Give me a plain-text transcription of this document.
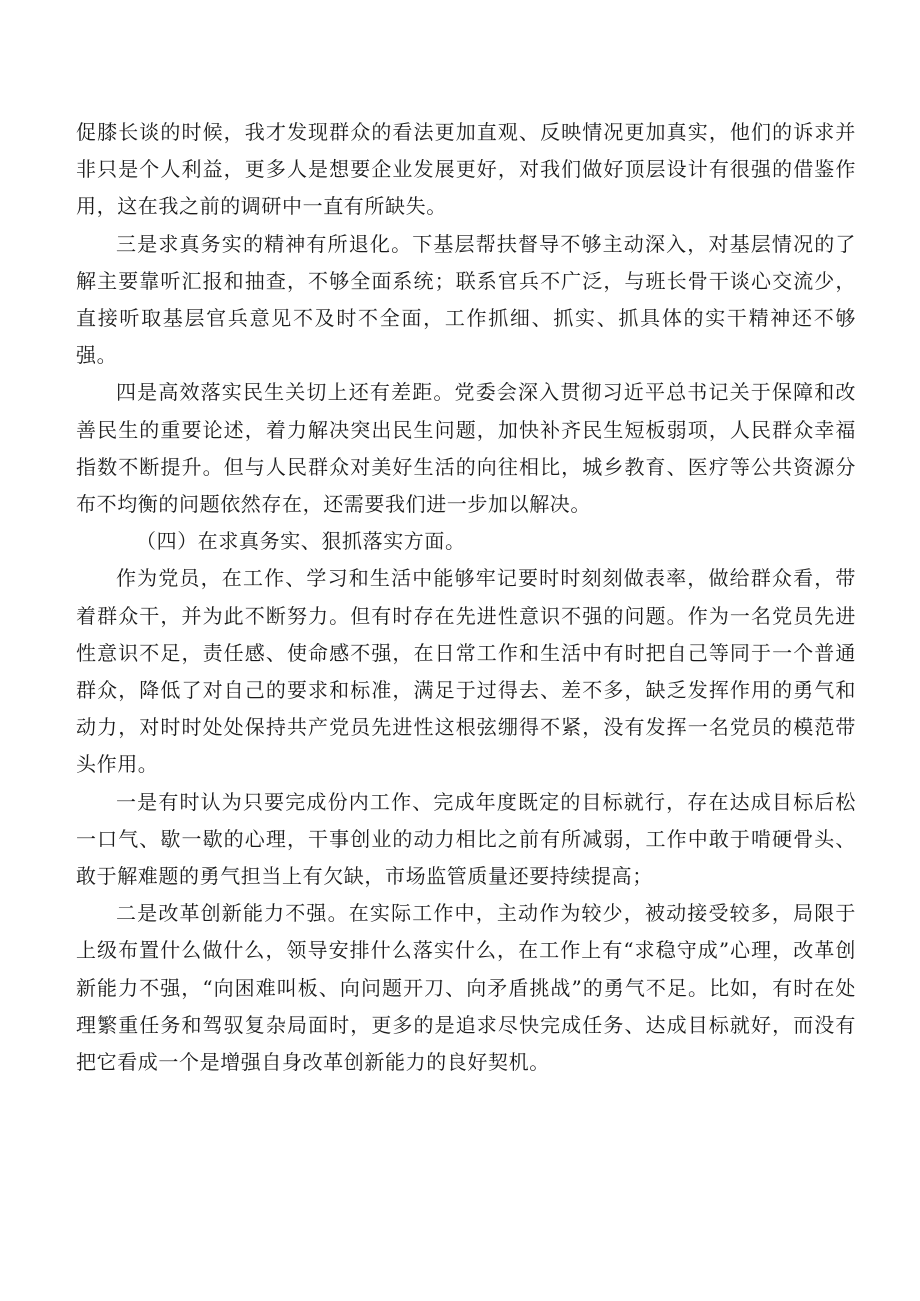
促膝长谈的时候，我才发现群众的看法更加直观、反映情况更加真实，他们的诉求并非只是个人利益，更多人是想要企业发展更好，对我们做好顶层设计有很强的借鉴作用，这在我之前的调研中一直有所缺失。

三是求真务实的精神有所退化。下基层帮扶督导不够主动深入，对基层情况的了解主要靠听汇报和抽查，不够全面系统；联系官兵不广泛，与班长骨干谈心交流少，直接听取基层官兵意见不及时不全面，工作抓细、抓实、抓具体的实干精神还不够强。

四是高效落实民生关切上还有差距。党委会深入贯彻习近平总书记关于保障和改善民生的重要论述，着力解决突出民生问题，加快补齐民生短板弱项，人民群众幸福指数不断提升。但与人民群众对美好生活的向往相比，城乡教育、医疗等公共资源分布不均衡的问题依然存在，还需要我们进一步加以解决。

（四）在求真务实、狠抓落实方面。

作为党员，在工作、学习和生活中能够牢记要时时刻刻做表率，做给群众看，带着群众干，并为此不断努力。但有时存在先进性意识不强的问题。作为一名党员先进性意识不足，责任感、使命感不强，在日常工作和生活中有时把自己等同于一个普通群众，降低了对自己的要求和标准，满足于过得去、差不多，缺乏发挥作用的勇气和动力，对时时处处保持共产党员先进性这根弦绷得不紧，没有发挥一名党员的模范带头作用。

一是有时认为只要完成份内工作、完成年度既定的目标就行，存在达成目标后松一口气、歇一歇的心理，干事创业的动力相比之前有所减弱，工作中敢于啃硬骨头、敢于解难题的勇气担当上有欠缺，市场监管质量还要持续提高；

二是改革创新能力不强。在实际工作中，主动作为较少，被动接受较多，局限于上级布置什么做什么，领导安排什么落实什么，在工作上有“求稳守成”心理，改革创新能力不强，“向困难叫板、向问题开刀、向矛盾挑战”的勇气不足。比如，有时在处理繁重任务和驾驭复杂局面时，更多的是追求尽快完成任务、达成目标就好，而没有把它看成一个是增强自身改革创新能力的良好契机。
